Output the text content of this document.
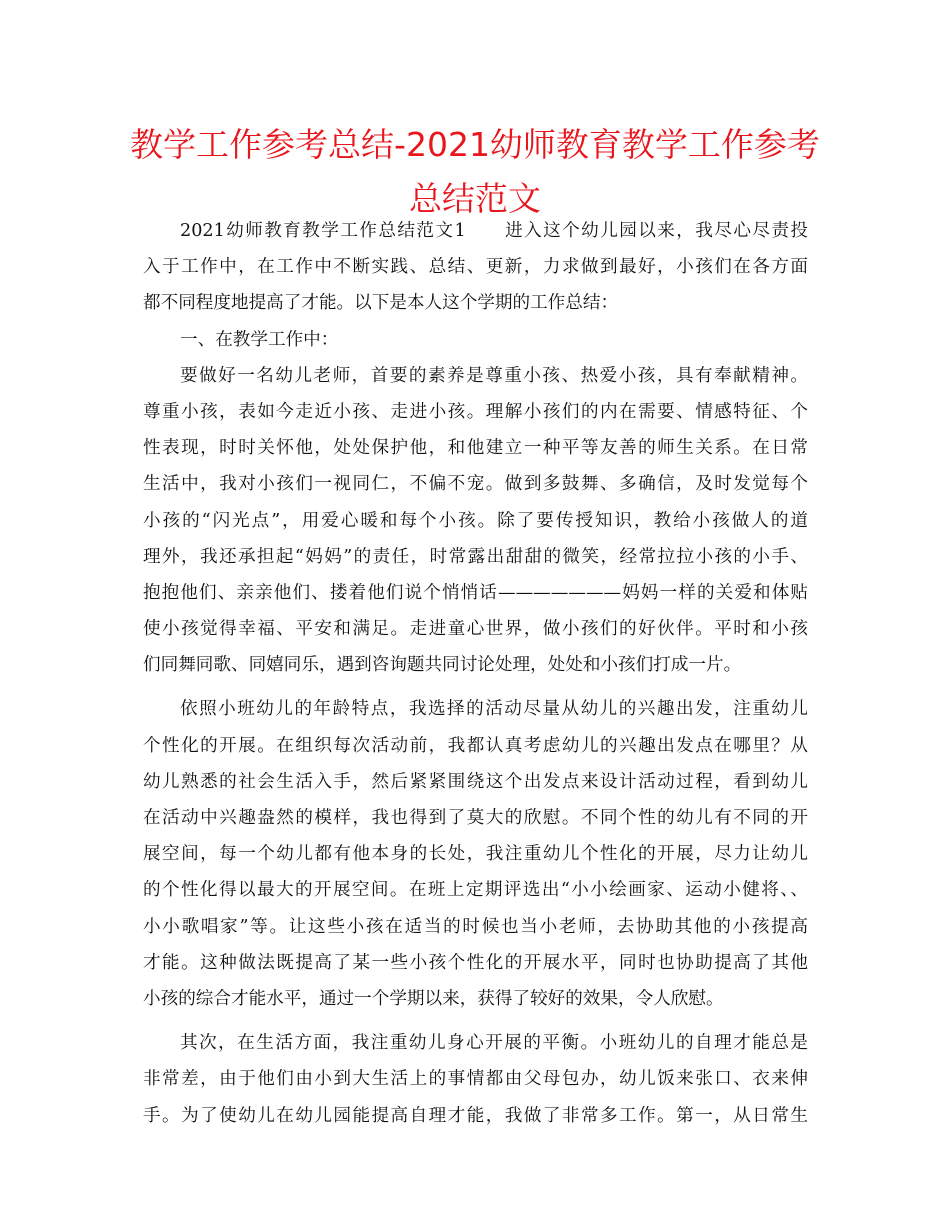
教学工作参考总结-2021幼师教育教学工作参考总结范文
2021幼师教育教学工作总结范文1　　进入这个幼儿园以来，我尽心尽责投
入于工作中，在工作中不断实践、总结、更新，力求做到最好，小孩们在各方面
都不同程度地提高了才能。以下是本人这个学期的工作总结：
一、在教学工作中：
要做好一名幼儿老师，首要的素养是尊重小孩、热爱小孩，具有奉献精神。
尊重小孩，表如今走近小孩、走进小孩。理解小孩们的内在需要、情感特征、个
性表现，时时关怀他，处处保护他，和他建立一种平等友善的师生关系。在日常
生活中，我对小孩们一视同仁，不偏不宠。做到多鼓舞、多确信，及时发觉每个
小孩的“闪光点”，用爱心暖和每个小孩。除了要传授知识，教给小孩做人的道
理外，我还承担起“妈妈”的责任，时常露出甜甜的微笑，经常拉拉小孩的小手、
抱抱他们、亲亲他们、搂着他们说个悄悄话———————妈妈一样的关爱和体贴
使小孩觉得幸福、平安和满足。走进童心世界，做小孩们的好伙伴。平时和小孩
们同舞同歌、同嬉同乐，遇到咨询题共同讨论处理，处处和小孩们打成一片。
依照小班幼儿的年龄特点，我选择的活动尽量从幼儿的兴趣出发，注重幼儿
个性化的开展。在组织每次活动前，我都认真考虑幼儿的兴趣出发点在哪里？从
幼儿熟悉的社会生活入手，然后紧紧围绕这个出发点来设计活动过程，看到幼儿
在活动中兴趣盎然的模样，我也得到了莫大的欣慰。不同个性的幼儿有不同的开
展空间，每一个幼儿都有他本身的长处，我注重幼儿个性化的开展，尽力让幼儿
的个性化得以最大的开展空间。在班上定期评选出“小小绘画家、运动小健将、、
小小歌唱家”等。让这些小孩在适当的时候也当小老师，去协助其他的小孩提高
才能。这种做法既提高了某一些小孩个性化的开展水平，同时也协助提高了其他
小孩的综合才能水平，通过一个学期以来，获得了较好的效果，令人欣慰。
其次，在生活方面，我注重幼儿身心开展的平衡。小班幼儿的自理才能总是
非常差，由于他们由小到大生活上的事情都由父母包办，幼儿饭来张口、衣来伸
手。为了使幼儿在幼儿园能提高自理才能，我做了非常多工作。第一，从日常生
